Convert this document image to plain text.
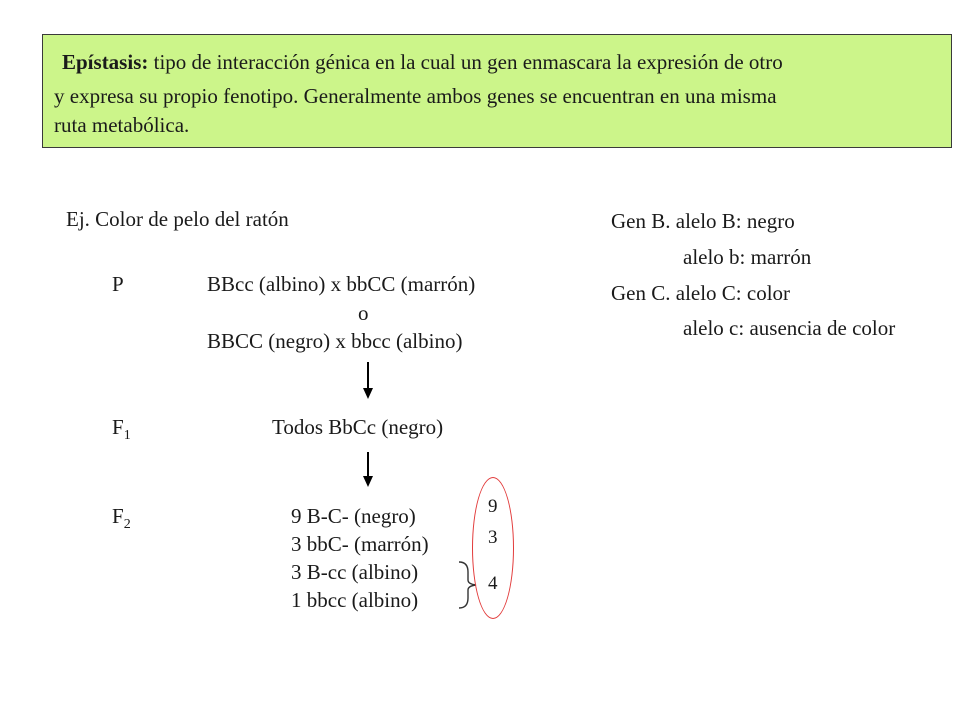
Epístasis: tipo de interacción génica en la cual un gen enmascara la expresión de otro
y expresa su propio fenotipo. Generalmente ambos genes se encuentran en una misma
ruta metabólica.
Ej. Color de pelo del ratón	Gen B. alelo B: negro
alelo b: marrón
Gen C. alelo C: color
alelo c: ausencia de color
P	BBcc (albino) x bbCC (marrón)
o
BBCC (negro) x bbcc (albino)
$F_1$	Todos BbCc (negro)
$F_2$	9 B-C- (negro)
3 bbC- (marrón)
3 B-cc (albino)
1 bbcc (albino)
9
3
4
